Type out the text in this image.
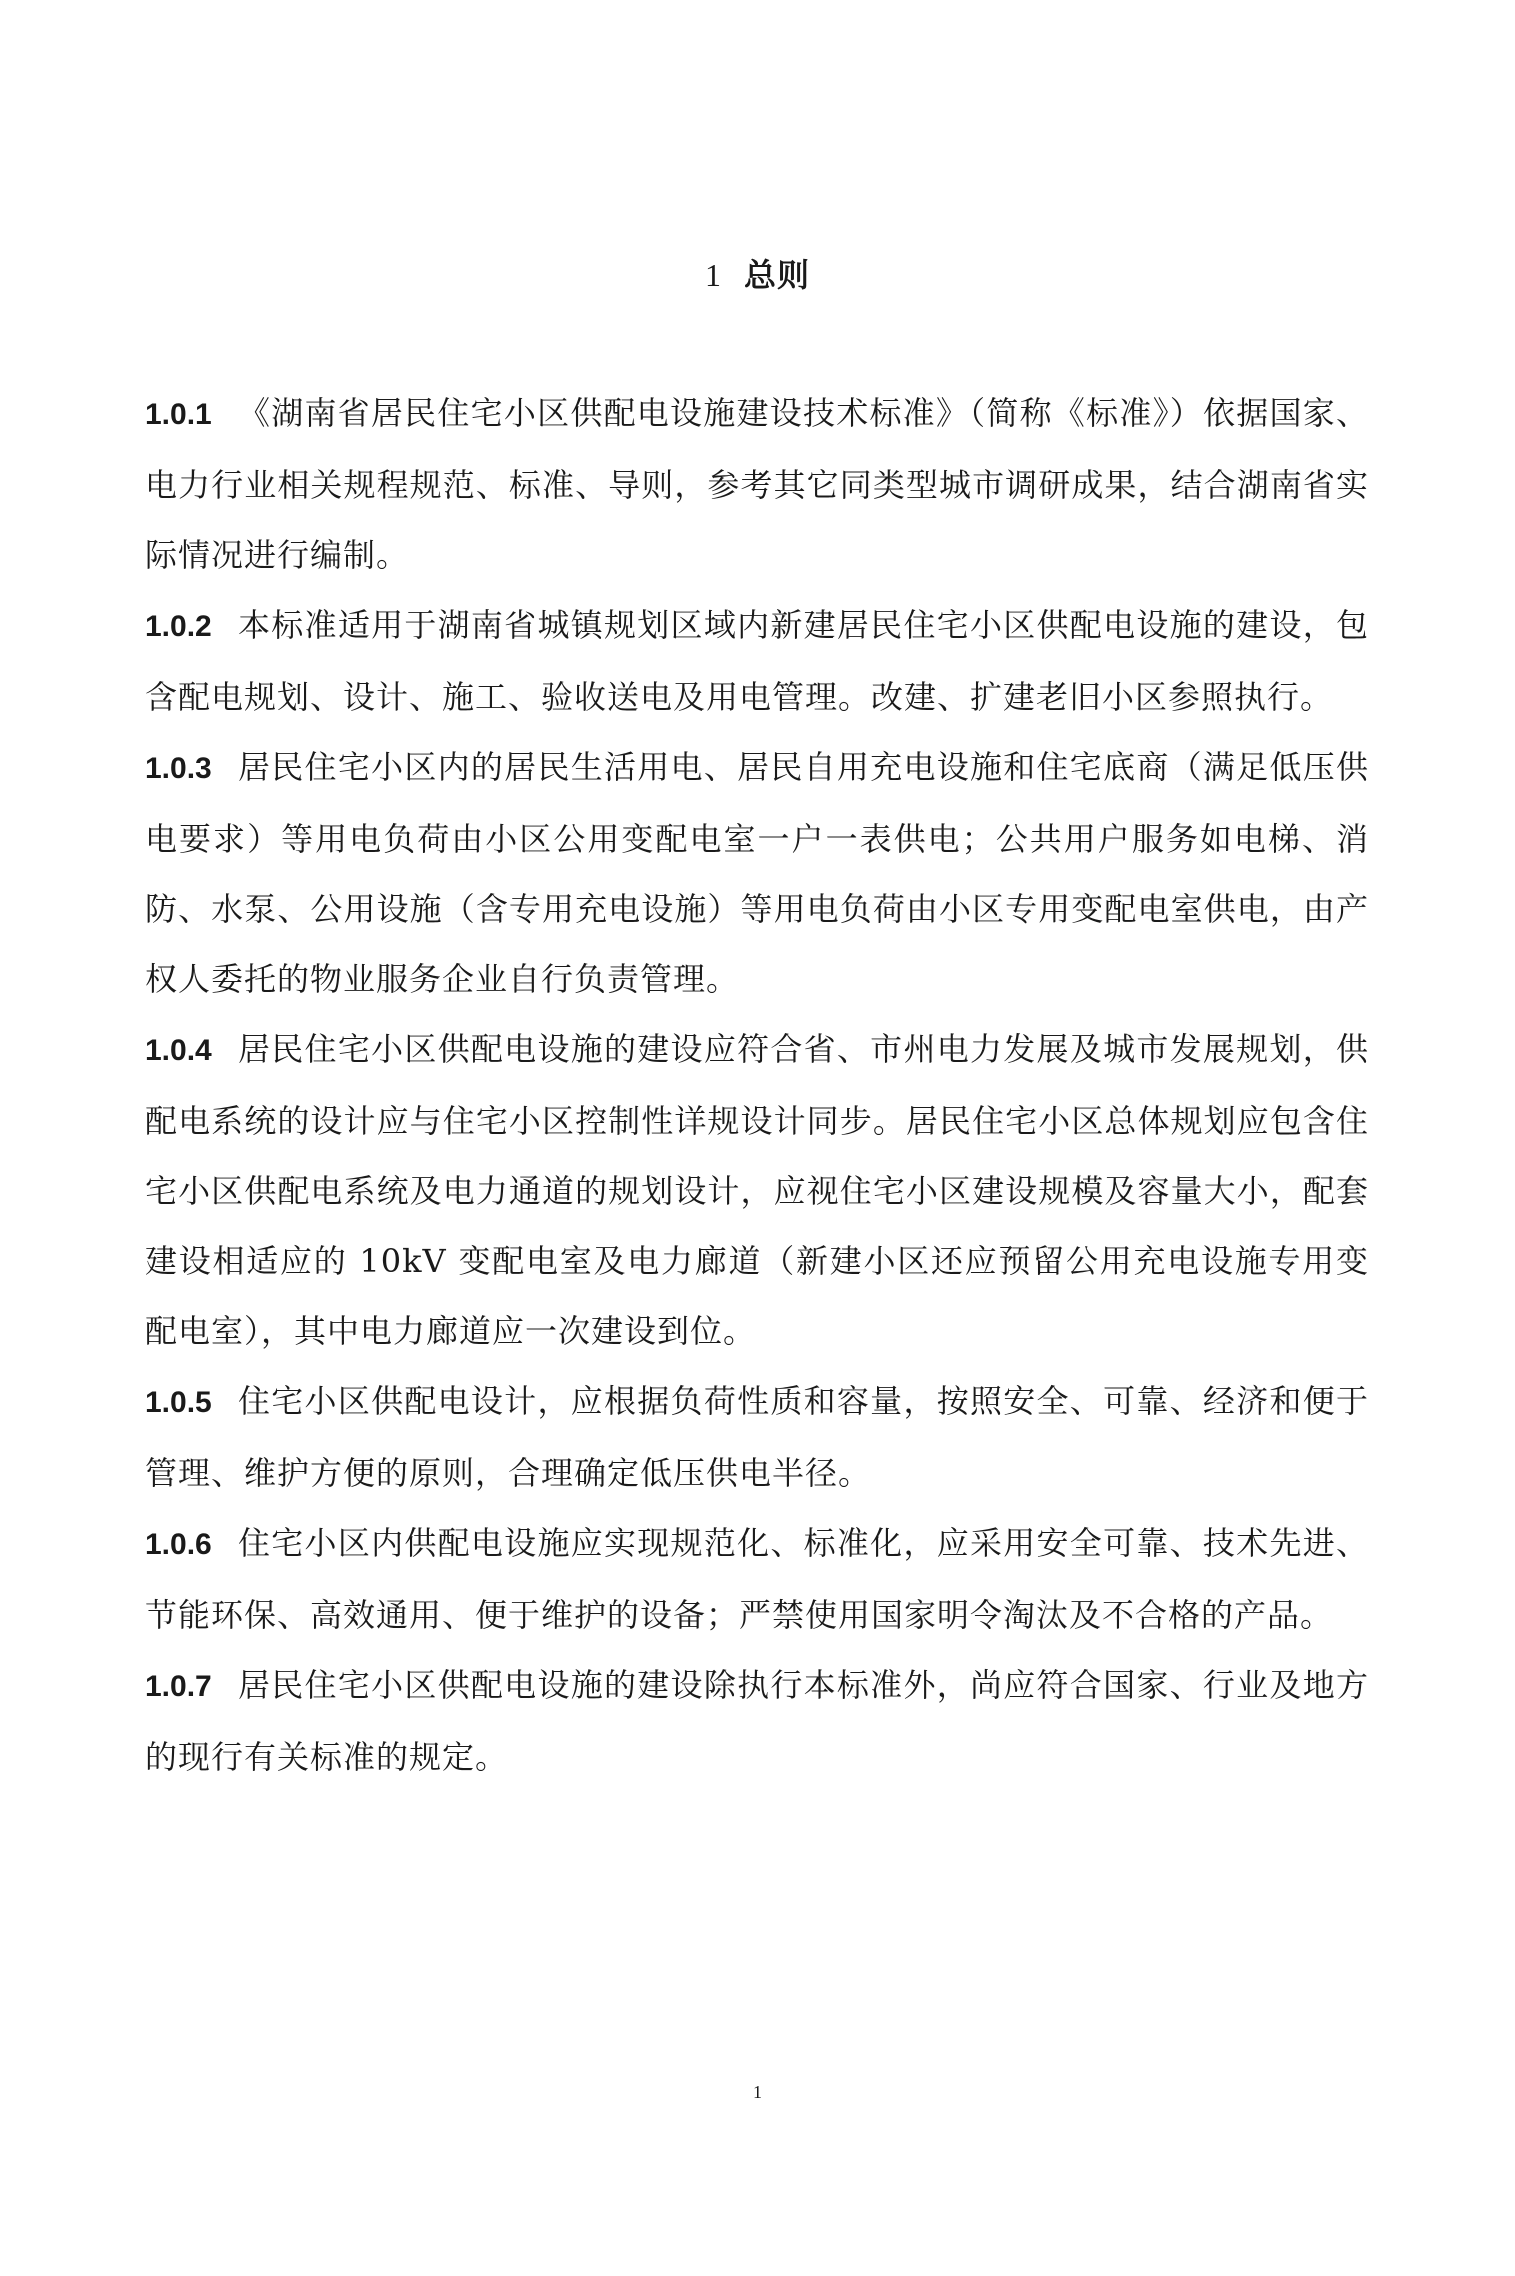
1 总则

1.0.1 《湖南省居民住宅小区供配电设施建设技术标准》（简称《标准》）依据国家、电力行业相关规程规范、标准、导则，参考其它同类型城市调研成果，结合湖南省实际情况进行编制。

1.0.2 本标准适用于湖南省城镇规划区域内新建居民住宅小区供配电设施的建设，包含配电规划、设计、施工、验收送电及用电管理。改建、扩建老旧小区参照执行。

1.0.3 居民住宅小区内的居民生活用电、居民自用充电设施和住宅底商（满足低压供电要求）等用电负荷由小区公用变配电室一户一表供电；公共用户服务如电梯、消防、水泵、公用设施（含专用充电设施）等用电负荷由小区专用变配电室供电，由产权人委托的物业服务企业自行负责管理。

1.0.4 居民住宅小区供配电设施的建设应符合省、市州电力发展及城市发展规划，供配电系统的设计应与住宅小区控制性详规设计同步。居民住宅小区总体规划应包含住宅小区供配电系统及电力通道的规划设计，应视住宅小区建设规模及容量大小，配套建设相适应的 10kV 变配电室及电力廊道（新建小区还应预留公用充电设施专用变配电室），其中电力廊道应一次建设到位。

1.0.5 住宅小区供配电设计，应根据负荷性质和容量，按照安全、可靠、经济和便于管理、维护方便的原则，合理确定低压供电半径。

1.0.6 住宅小区内供配电设施应实现规范化、标准化，应采用安全可靠、技术先进、节能环保、高效通用、便于维护的设备；严禁使用国家明令淘汰及不合格的产品。

1.0.7 居民住宅小区供配电设施的建设除执行本标准外，尚应符合国家、行业及地方的现行有关标准的规定。

1
